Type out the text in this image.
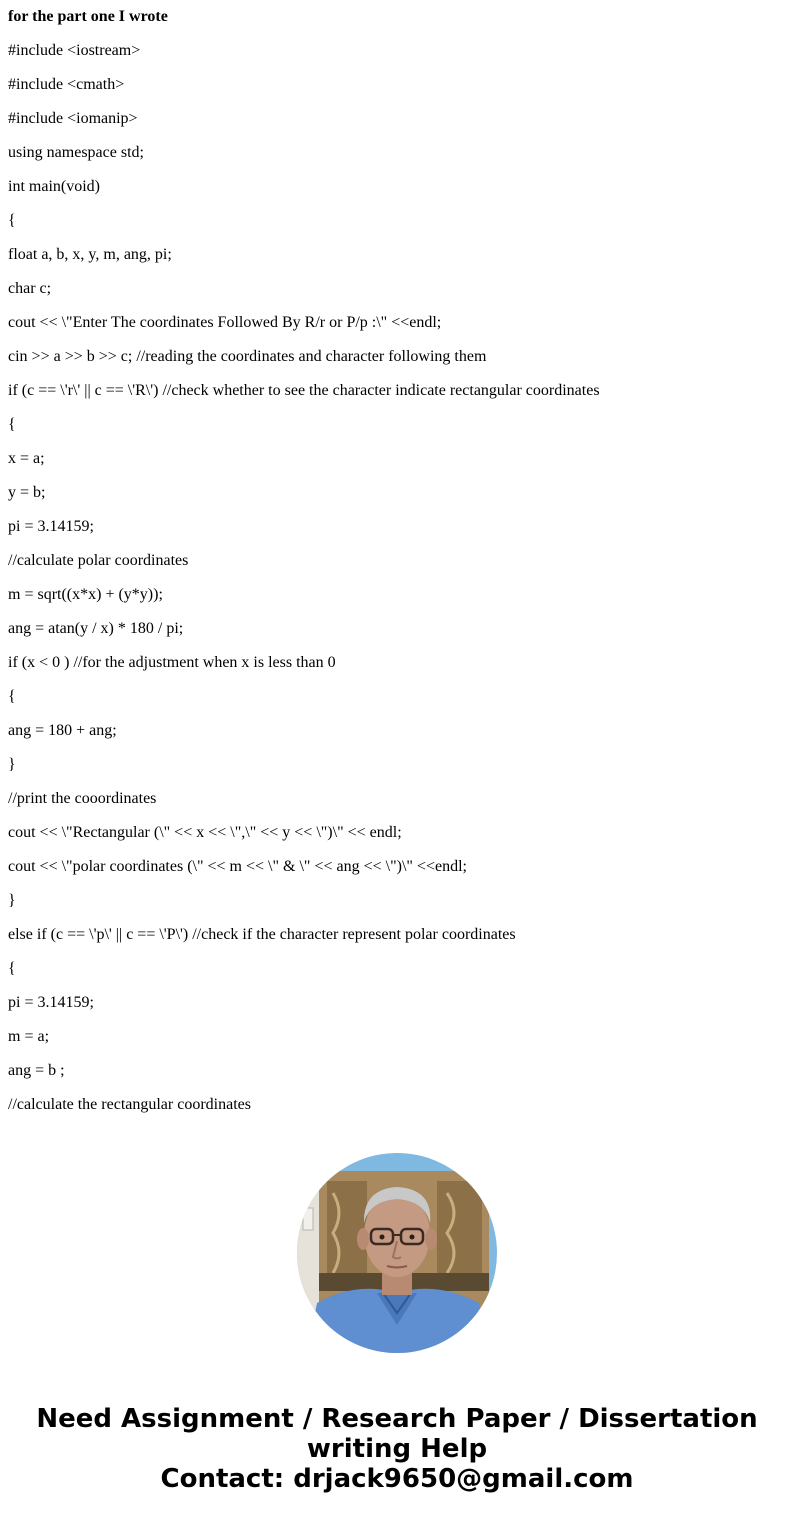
for the part one I wrote
#include <iostream>
#include <cmath>
#include <iomanip>
using namespace std;
int main(void)
{
float a, b, x, y, m, ang, pi;
char c;
cout << \"Enter The coordinates Followed By R/r or P/p :\" <<endl;
cin >> a >> b >> c; //reading the coordinates and character following them
if (c == \'r\' || c == \'R\') //check whether to see the character indicate rectangular coordinates
{
x = a;
y = b;
pi = 3.14159;
//calculate polar coordinates
m = sqrt((x*x) + (y*y));
ang = atan(y / x) * 180 / pi;
if (x < 0 ) //for the adjustment when x is less than 0
{
ang = 180 + ang;
}
//print the cooordinates
cout << \"Rectangular (\" << x << \",\" << y << \")\" << endl;
cout << \"polar coordinates (\" << m << \" & \" << ang << \")\" <<endl;
}
else if (c == \'p\' || c == \'P\') //check if the character represent polar coordinates
{
pi = 3.14159;
m = a;
ang = b ;
//calculate the rectangular coordinates
Need Assignment / Research Paper / Dissertation
writing Help
Contact: drjack9650@gmail.com
